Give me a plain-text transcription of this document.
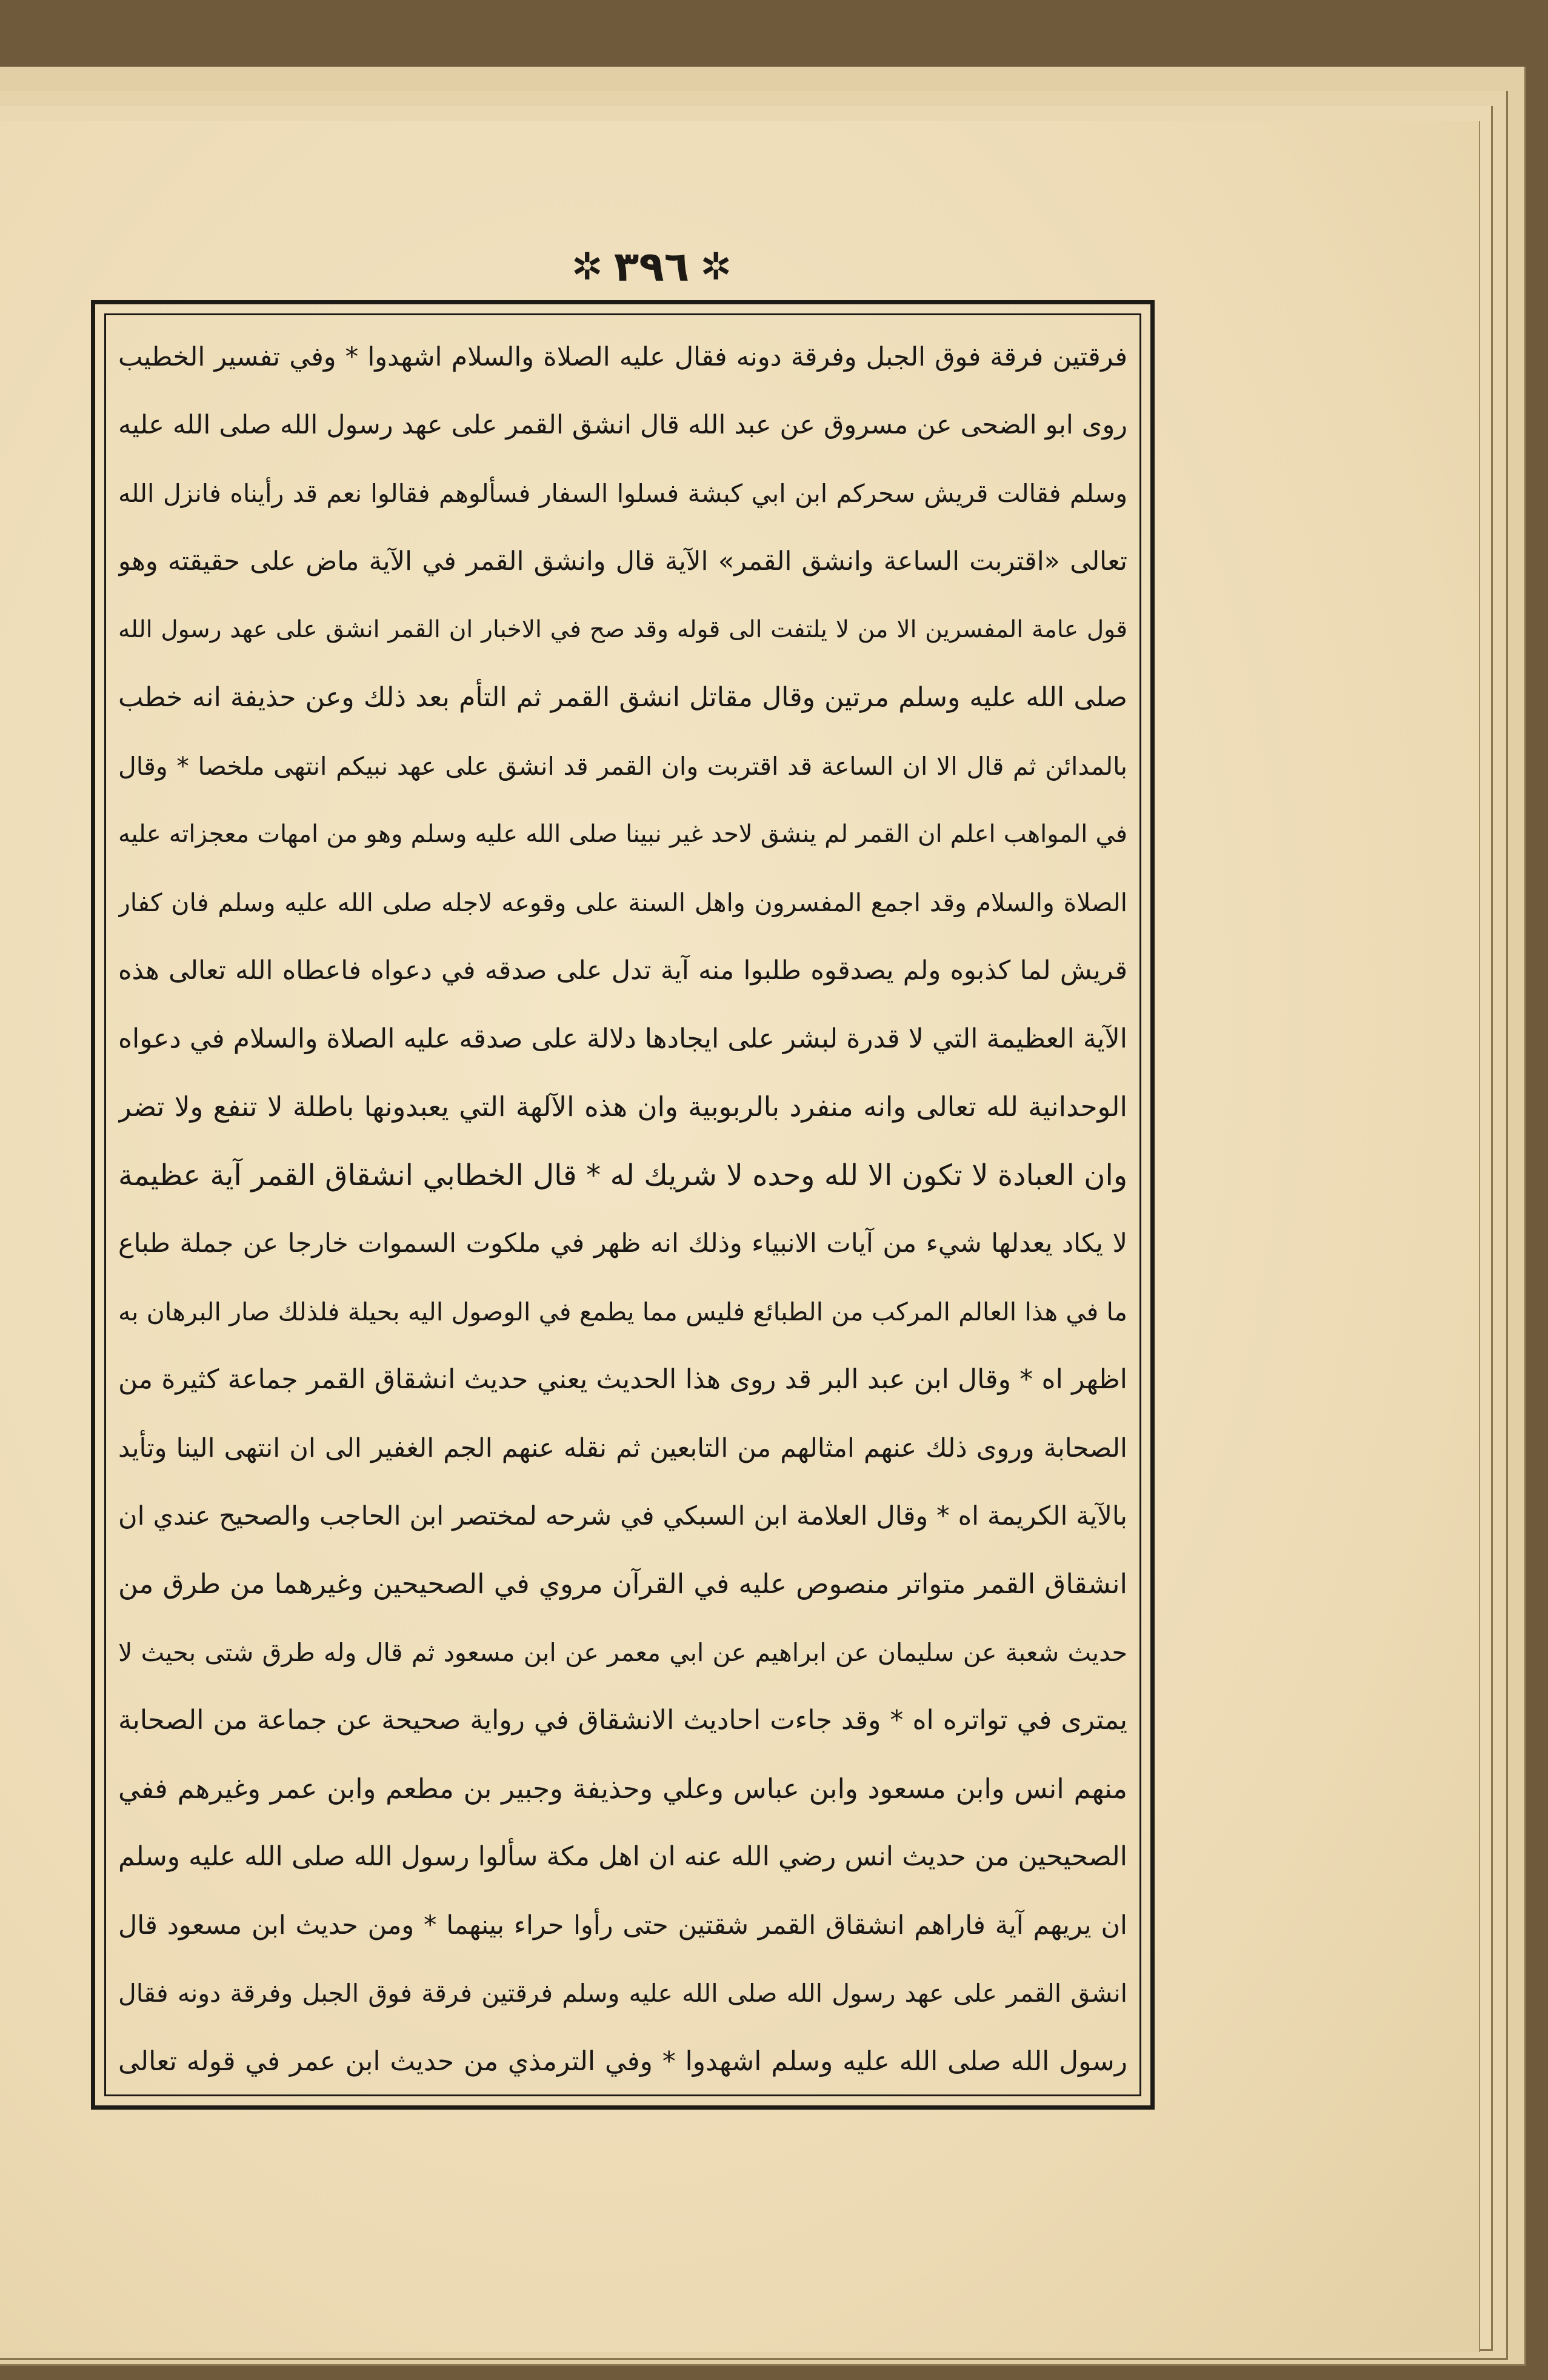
✲ ٣٩٦ ✲
فرقتين فرقة فوق الجبل وفرقة دونه فقال عليه الصلاة والسلام اشهدوا * وفي تفسير الخطيب
روى ابو الضحى عن مسروق عن عبد الله قال انشق القمر على عهد رسول الله صلى الله عليه
وسلم فقالت قريش سحركم ابن ابي كبشة فسلوا السفار فسألوهم فقالوا نعم قد رأيناه فانزل الله
تعالى «اقتربت الساعة وانشق القمر» الآية قال وانشق القمر في الآية ماض على حقيقته وهو
قول عامة المفسرين الا من لا يلتفت الى قوله وقد صح في الاخبار ان القمر انشق على عهد رسول الله
صلى الله عليه وسلم مرتين وقال مقاتل انشق القمر ثم التأم بعد ذلك وعن حذيفة انه خطب
بالمدائن ثم قال الا ان الساعة قد اقتربت وان القمر قد انشق على عهد نبيكم انتهى ملخصا * وقال
في المواهب اعلم ان القمر لم ينشق لاحد غير نبينا صلى الله عليه وسلم وهو من امهات معجزاته عليه
الصلاة والسلام وقد اجمع المفسرون واهل السنة على وقوعه لاجله صلى الله عليه وسلم فان كفار
قريش لما كذبوه ولم يصدقوه طلبوا منه آية تدل على صدقه في دعواه فاعطاه الله تعالى هذه
الآية العظيمة التي لا قدرة لبشر على ايجادها دلالة على صدقه عليه الصلاة والسلام في دعواه
الوحدانية لله تعالى وانه منفرد بالربوبية وان هذه الآلهة التي يعبدونها باطلة لا تنفع ولا تضر
وان العبادة لا تكون الا لله وحده لا شريك له * قال الخطابي انشقاق القمر آية عظيمة
لا يكاد يعدلها شيء من آيات الانبياء وذلك انه ظهر في ملكوت السموات خارجا عن جملة طباع
ما في هذا العالم المركب من الطبائع فليس مما يطمع في الوصول اليه بحيلة فلذلك صار البرهان به
اظهر اه * وقال ابن عبد البر قد روى هذا الحديث يعني حديث انشقاق القمر جماعة كثيرة من
الصحابة وروى ذلك عنهم امثالهم من التابعين ثم نقله عنهم الجم الغفير الى ان انتهى الينا وتأيد
بالآية الكريمة اه * وقال العلامة ابن السبكي في شرحه لمختصر ابن الحاجب والصحيح عندي ان
انشقاق القمر متواتر منصوص عليه في القرآن مروي في الصحيحين وغيرهما من طرق من
حديث شعبة عن سليمان عن ابراهيم عن ابي معمر عن ابن مسعود ثم قال وله طرق شتى بحيث لا
يمترى في تواتره اه * وقد جاءت احاديث الانشقاق في رواية صحيحة عن جماعة من الصحابة
منهم انس وابن مسعود وابن عباس وعلي وحذيفة وجبير بن مطعم وابن عمر وغيرهم ففي
الصحيحين من حديث انس رضي الله عنه ان اهل مكة سألوا رسول الله صلى الله عليه وسلم
ان يريهم آية فاراهم انشقاق القمر شقتين حتى رأوا حراء بينهما * ومن حديث ابن مسعود قال
انشق القمر على عهد رسول الله صلى الله عليه وسلم فرقتين فرقة فوق الجبل وفرقة دونه فقال
رسول الله صلى الله عليه وسلم اشهدوا * وفي الترمذي من حديث ابن عمر في قوله تعالى
